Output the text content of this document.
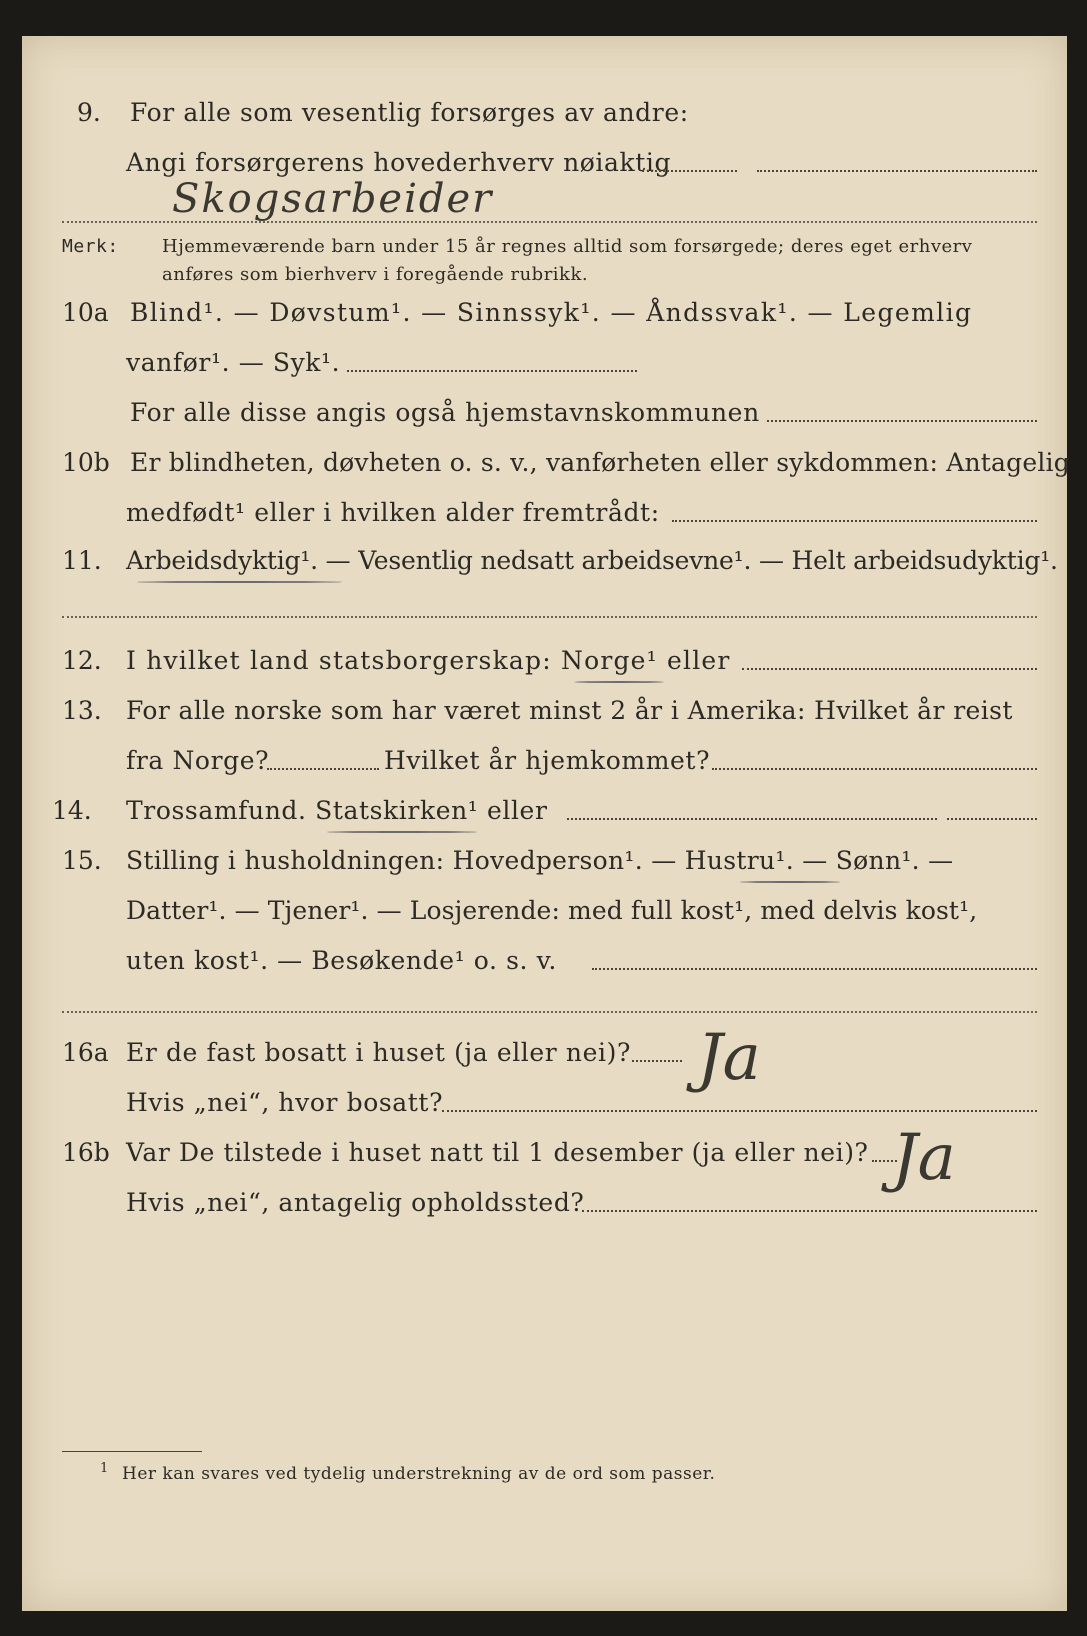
9. For alle som vesentlig forsørges av andre:
Angi forsørgerens hovederhverv nøiaktig
Skogsarbeider
Merk: Hjemmeværende barn under 15 år regnes alltid som forsørgede; deres eget erhverv
anføres som bierhverv i foregående rubrikk.
10a Blind¹. — Døvstum¹. — Sinnssyk¹. — Åndssvak¹. — Legemlig
vanfør¹. — Syk¹.
For alle disse angis også hjemstavnskommunen
10b Er blindheten, døvheten o. s. v., vanførheten eller sykdommen: Antagelig
medfødt¹ eller i hvilken alder fremtrådt:
11. Arbeidsdyktig¹. — Vesentlig nedsatt arbeidsevne¹. — Helt arbeidsudyktig¹.
12. I hvilket land statsborgerskap: Norge¹ eller
13. For alle norske som har været minst 2 år i Amerika: Hvilket år reist
fra Norge?	Hvilket år hjemkommet?
14. Trossamfund. Statskirken¹ eller
15. Stilling i husholdningen: Hovedperson¹. — Hustru¹. — Sønn¹. —
Datter¹. — Tjener¹. — Losjerende: med full kost¹, med delvis kost¹,
uten kost¹. — Besøkende¹ o. s. v.
16a Er de fast bosatt i huset (ja eller nei)? Ja
Hvis „nei“, hvor bosatt?
16b Var De tilstede i huset natt til 1 desember (ja eller nei)? Ja
Hvis „nei“, antagelig opholdssted?
1 Her kan svares ved tydelig understrekning av de ord som passer.
